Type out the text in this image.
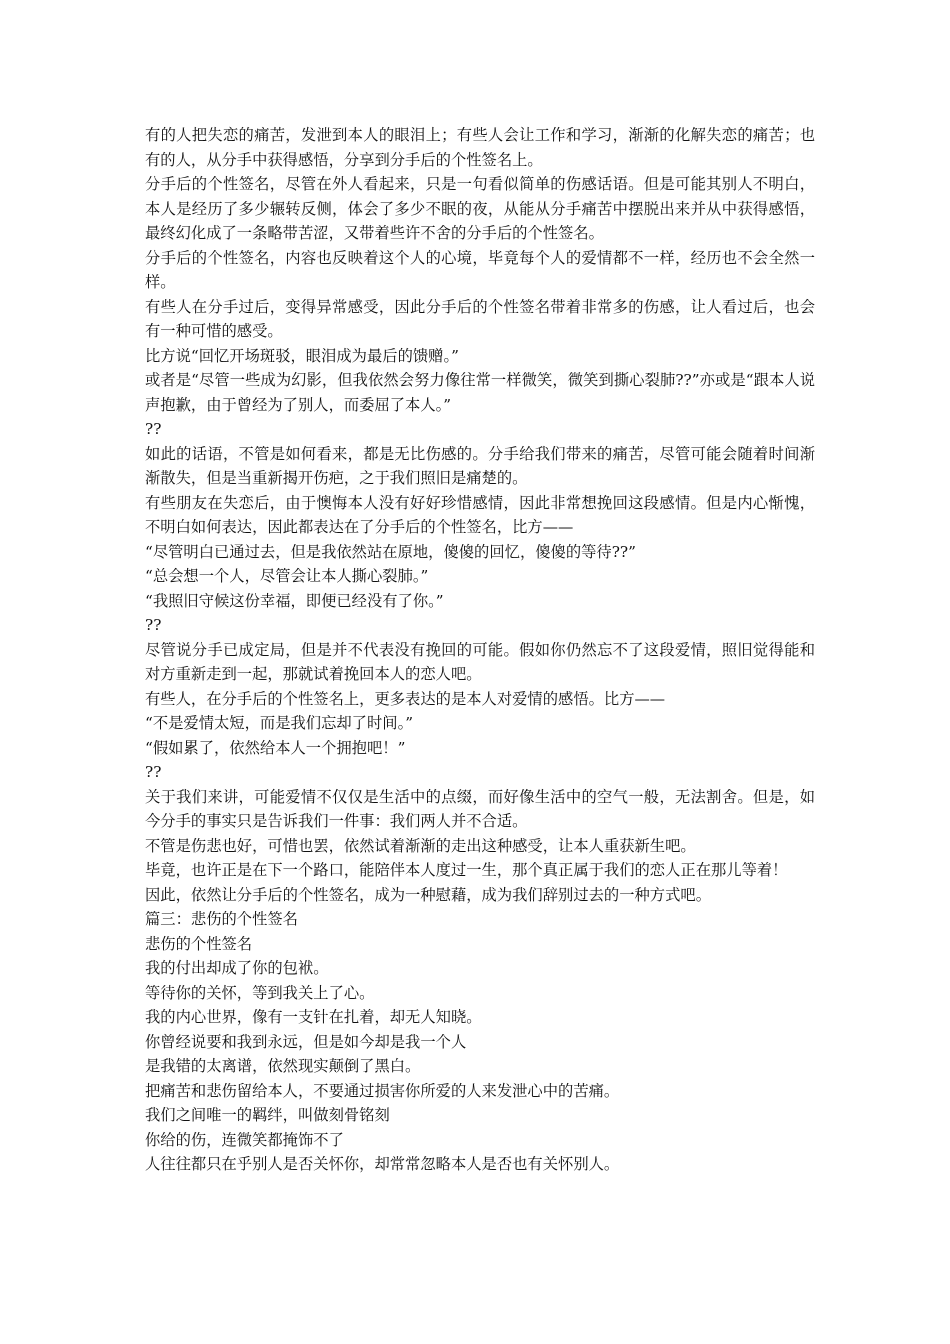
有的人把失恋的痛苦，发泄到本人的眼泪上；有些人会让工作和学习，渐渐的化解失恋的痛苦；也有的人，从分手中获得感悟，分享到分手后的个性签名上。

分手后的个性签名，尽管在外人看起来，只是一句看似简单的伤感话语。但是可能其别人不明白，本人是经历了多少辗转反侧，体会了多少不眠的夜，从能从分手痛苦中摆脱出来并从中获得感悟，最终幻化成了一条略带苦涩，又带着些许不舍的分手后的个性签名。

分手后的个性签名，内容也反映着这个人的心境，毕竟每个人的爱情都不一样，经历也不会全然一样。

有些人在分手过后，变得异常感受，因此分手后的个性签名带着非常多的伤感，让人看过后，也会有一种可惜的感受。

比方说“回忆开场斑驳，眼泪成为最后的馈赠。”

或者是“尽管一些成为幻影，但我依然会努力像往常一样微笑，微笑到撕心裂肺??”亦或是“跟本人说声抱歉，由于曾经为了别人，而委屈了本人。”

??

如此的话语，不管是如何看来，都是无比伤感的。分手给我们带来的痛苦，尽管可能会随着时间渐渐散失，但是当重新揭开伤疤，之于我们照旧是痛楚的。

有些朋友在失恋后，由于懊悔本人没有好好珍惜感情，因此非常想挽回这段感情。但是内心惭愧，不明白如何表达，因此都表达在了分手后的个性签名，比方——

“尽管明白已通过去，但是我依然站在原地，傻傻的回忆，傻傻的等待??”

“总会想一个人，尽管会让本人撕心裂肺。”

“我照旧守候这份幸福，即便已经没有了你。”

??

尽管说分手已成定局，但是并不代表没有挽回的可能。假如你仍然忘不了这段爱情，照旧觉得能和对方重新走到一起，那就试着挽回本人的恋人吧。

有些人，在分手后的个性签名上，更多表达的是本人对爱情的感悟。比方——

“不是爱情太短，而是我们忘却了时间。”

“假如累了，依然给本人一个拥抱吧！”

??

关于我们来讲，可能爱情不仅仅是生活中的点缀，而好像生活中的空气一般，无法割舍。但是，如今分手的事实只是告诉我们一件事：我们两人并不合适。

不管是伤悲也好，可惜也罢，依然试着渐渐的走出这种感受，让本人重获新生吧。

毕竟，也许正是在下一个路口，能陪伴本人度过一生，那个真正属于我们的恋人正在那儿等着！

因此，依然让分手后的个性签名，成为一种慰藉，成为我们辞别过去的一种方式吧。

篇三：悲伤的个性签名

悲伤的个性签名

我的付出却成了你的包袱。

等待你的关怀，等到我关上了心。

我的内心世界，像有一支针在扎着，却无人知晓。

你曾经说要和我到永远，但是如今却是我一个人

是我错的太离谱，依然现实颠倒了黑白。

把痛苦和悲伤留给本人，不要通过损害你所爱的人来发泄心中的苦痛。

我们之间唯一的羁绊，叫做刻骨铭刻

你给的伤，连微笑都掩饰不了

人往往都只在乎别人是否关怀你，却常常忽略本人是否也有关怀别人。
